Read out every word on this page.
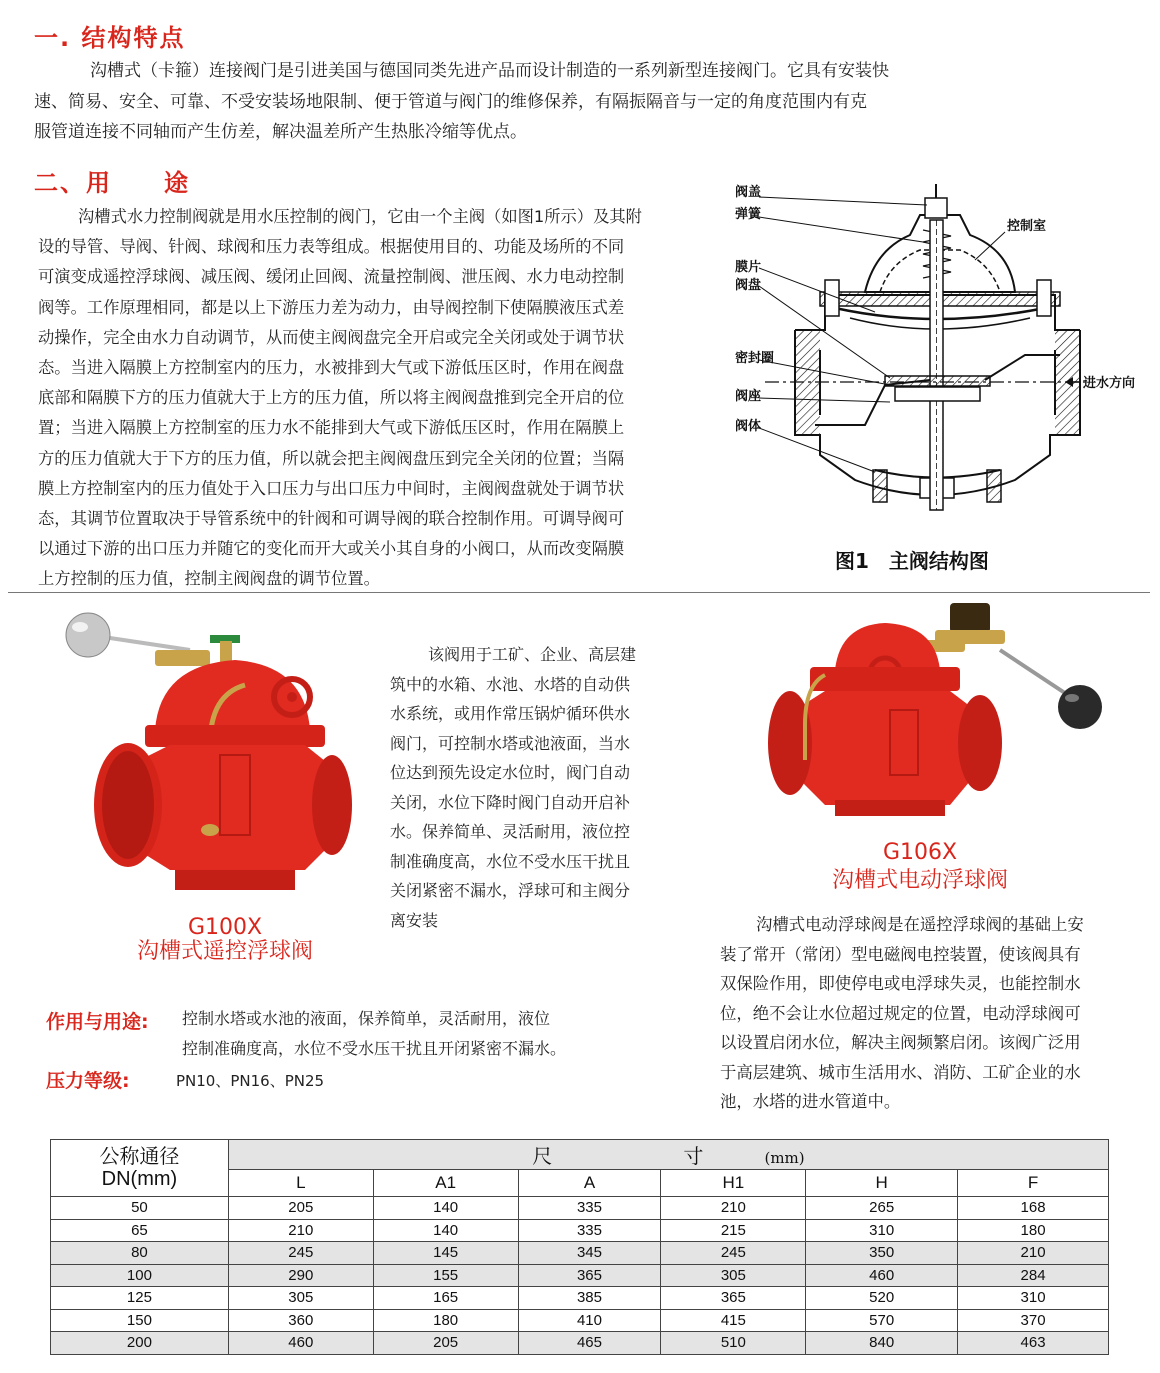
一. 结构特点
沟槽式（卡箍）连接阀门是引进美国与德国同类先进产品而设计制造的一系列新型连接阀门。它具有安装快
速、简易、安全、可靠、不受安装场地限制、便于管道与阀门的维修保养，有隔振隔音与一定的角度范围内有克
服管道连接不同轴而产生仿差，解决温差所产生热胀冷缩等优点。
二、用　　途
沟槽式水力控制阀就是用水压控制的阀门，它由一个主阀（如图1所示）及其附
设的导管、导阀、针阀、球阀和压力表等组成。根据使用目的、功能及场所的不同
可演变成遥控浮球阀、减压阀、缓闭止回阀、流量控制阀、泄压阀、水力电动控制
阀等。工作原理相同，都是以上下游压力差为动力，由导阀控制下使隔膜液压式差
动操作，完全由水力自动调节，从而使主阀阀盘完全开启或完全关闭或处于调节状
态。当进入隔膜上方控制室内的压力，水被排到大气或下游低压区时，作用在阀盘
底部和隔膜下方的压力值就大于上方的压力值，所以将主阀阀盘推到完全开启的位
置；当进入隔膜上方控制室的压力水不能排到大气或下游低压区时，作用在隔膜上
方的压力值就大于下方的压力值，所以就会把主阀阀盘压到完全关闭的位置；当隔
膜上方控制室内的压力值处于入口压力与出口压力中间时，主阀阀盘就处于调节状
态，其调节位置取决于导管系统中的针阀和可调导阀的联合控制作用。可调导阀可
以通过下游的出口压力并随它的变化而开大或关小其自身的小阀口，从而改变隔膜
上方控制的压力值，控制主阀阀盘的调节位置。
阀盖
弹簧
控制室
膜片
阀盘
密封圈
阀座
阀体
进水方向
图1　主阀结构图
G100X
沟槽式遥控浮球阀
该阀用于工矿、企业、高层建
筑中的水箱、水池、水塔的自动供
水系统，或用作常压锅炉循环供水
阀门，可控制水塔或池液面，当水
位达到预先设定水位时，阀门自动
关闭，水位下降时阀门自动开启补
水。保养简单、灵活耐用，液位控
制准确度高，水位不受水压干扰且
关闭紧密不漏水，浮球可和主阀分
离安装
G106X
沟槽式电动浮球阀
沟槽式电动浮球阀是在遥控浮球阀的基础上安
装了常开（常闭）型电磁阀电控装置，使该阀具有
双保险作用，即使停电或电浮球失灵，也能控制水
位，绝不会让水位超过规定的位置，电动浮球阀可
以设置启闭水位，解决主阀频繁启闭。该阀广泛用
于高层建筑、城市生活用水、消防、工矿企业的水
池，水塔的进水管道中。
作用与用途: 控制水塔或水池的液面，保养简单，灵活耐用，液位
控制准确度高，水位不受水压干扰且开闭紧密不漏水。
压力等级:	PN10、PN16、PN25
公称通径
DN(mm)	尺 寸 (mm)					
	L	A1	A	H1	H	F
50	205	140	335	210	265	168
65	210	140	335	215	310	180
80	245	145	345	245	350	210
100	290	155	365	305	460	284
125	305	165	385	365	520	310
150	360	180	410	415	570	370
200	460	205	465	510	840	463
